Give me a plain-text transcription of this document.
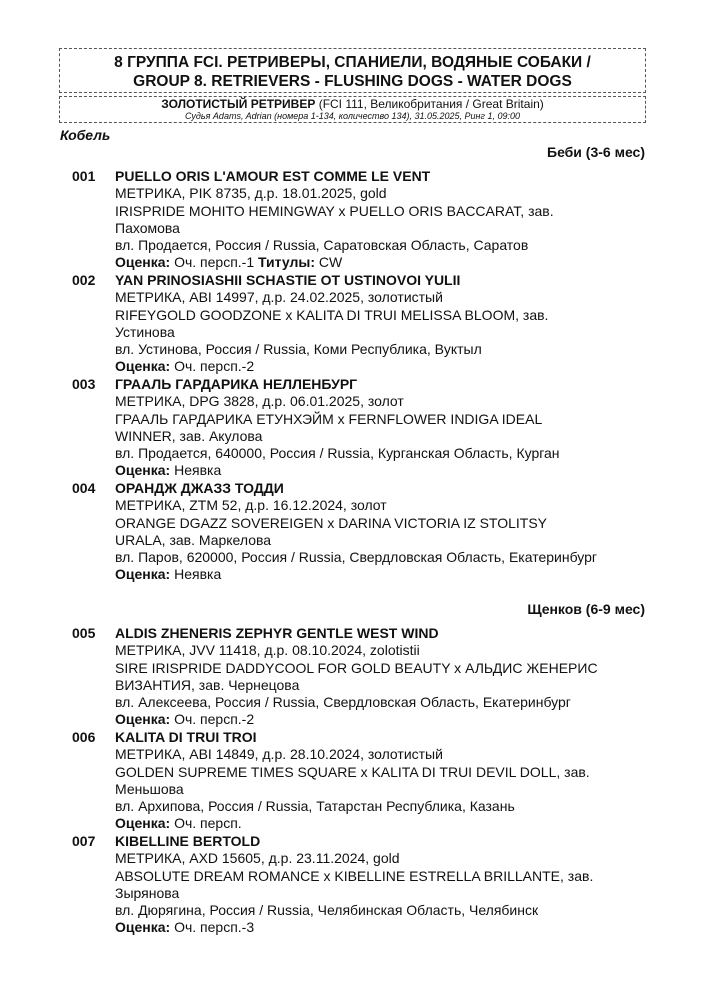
8 ГРУППА FCI. РЕТРИВЕРЫ, СПАНИЕЛИ, ВОДЯНЫЕ СОБАКИ /
GROUP 8. RETRIEVERS - FLUSHING DOGS - WATER DOGS
ЗОЛОТИСТЫЙ РЕТРИВЕР (FCI 111, Великобритания / Great Britain)
Судья Adams, Adrian (номера 1-134, количество 134), 31.05.2025, Ринг 1, 09:00
Кобель
Беби (3-6 мес)
001 PUELLO ORIS L'AMOUR EST COMME LE VENT
МЕТРИКА, PIK 8735, д.р. 18.01.2025, gold
IRISPRIDE MOHITO HEMINGWAY x PUELLO ORIS BACCARAT, зав.
Пахомова
вл. Продается, Россия / Russia, Саратовская Область, Саратов
Оценка: Оч. персп.-1 Титулы: CW
002 YAN PRINOSIASHII SCHASTIE OT USTINOVOI YULII
МЕТРИКА, ABI 14997, д.р. 24.02.2025, золотистый
RIFEYGOLD GOODZONE x KALITA DI TRUI MELISSA BLOOM, зав.
Устинова
вл. Устинова, Россия / Russia, Коми Республика, Вуктыл
Оценка: Оч. персп.-2
003 ГРААЛЬ ГАРДАРИКА НЕЛЛЕНБУРГ
МЕТРИКА, DPG 3828, д.р. 06.01.2025, золот
ГРААЛЬ ГАРДАРИКА ЕТУНХЭЙМ x FERNFLOWER INDIGA IDEAL
WINNER, зав. Акулова
вл. Продается, 640000, Россия / Russia, Курганская Область, Курган
Оценка: Неявка
004 ОРАНДЖ ДЖАЗЗ ТОДДИ
МЕТРИКА, ZTM 52, д.р. 16.12.2024, золот
ORANGE DGAZZ SOVEREIGEN x DARINA VICTORIA IZ STOLITSY
URALA, зав. Маркелова
вл. Паров, 620000, Россия / Russia, Свердловская Область, Екатеринбург
Оценка: Неявка
Щенков (6-9 мес)
005 ALDIS ZHENERIS ZEPHYR GENTLE WEST WIND
МЕТРИКА, JVV 11418, д.р. 08.10.2024, zolotistii
SIRE IRISPRIDE DADDYCOOL FOR GOLD BEAUTY x АЛЬДИС ЖЕНЕРИС
ВИЗАНТИЯ, зав. Чернецова
вл. Алексеева, Россия / Russia, Свердловская Область, Екатеринбург
Оценка: Оч. персп.-2
006 KALITA DI TRUI TROI
МЕТРИКА, ABI 14849, д.р. 28.10.2024, золотистый
GOLDEN SUPREME TIMES SQUARE x KALITA DI TRUI DEVIL DOLL, зав.
Меньшова
вл. Архипова, Россия / Russia, Татарстан Республика, Казань
Оценка: Оч. персп.
007 KIBELLINE BERTOLD
МЕТРИКА, AXD 15605, д.р. 23.11.2024, gold
ABSOLUTE DREAM ROMANCE x KIBELLINE ESTRELLA BRILLANTE, зав.
Зырянова
вл. Дюрягина, Россия / Russia, Челябинская Область, Челябинск
Оценка: Оч. персп.-3
